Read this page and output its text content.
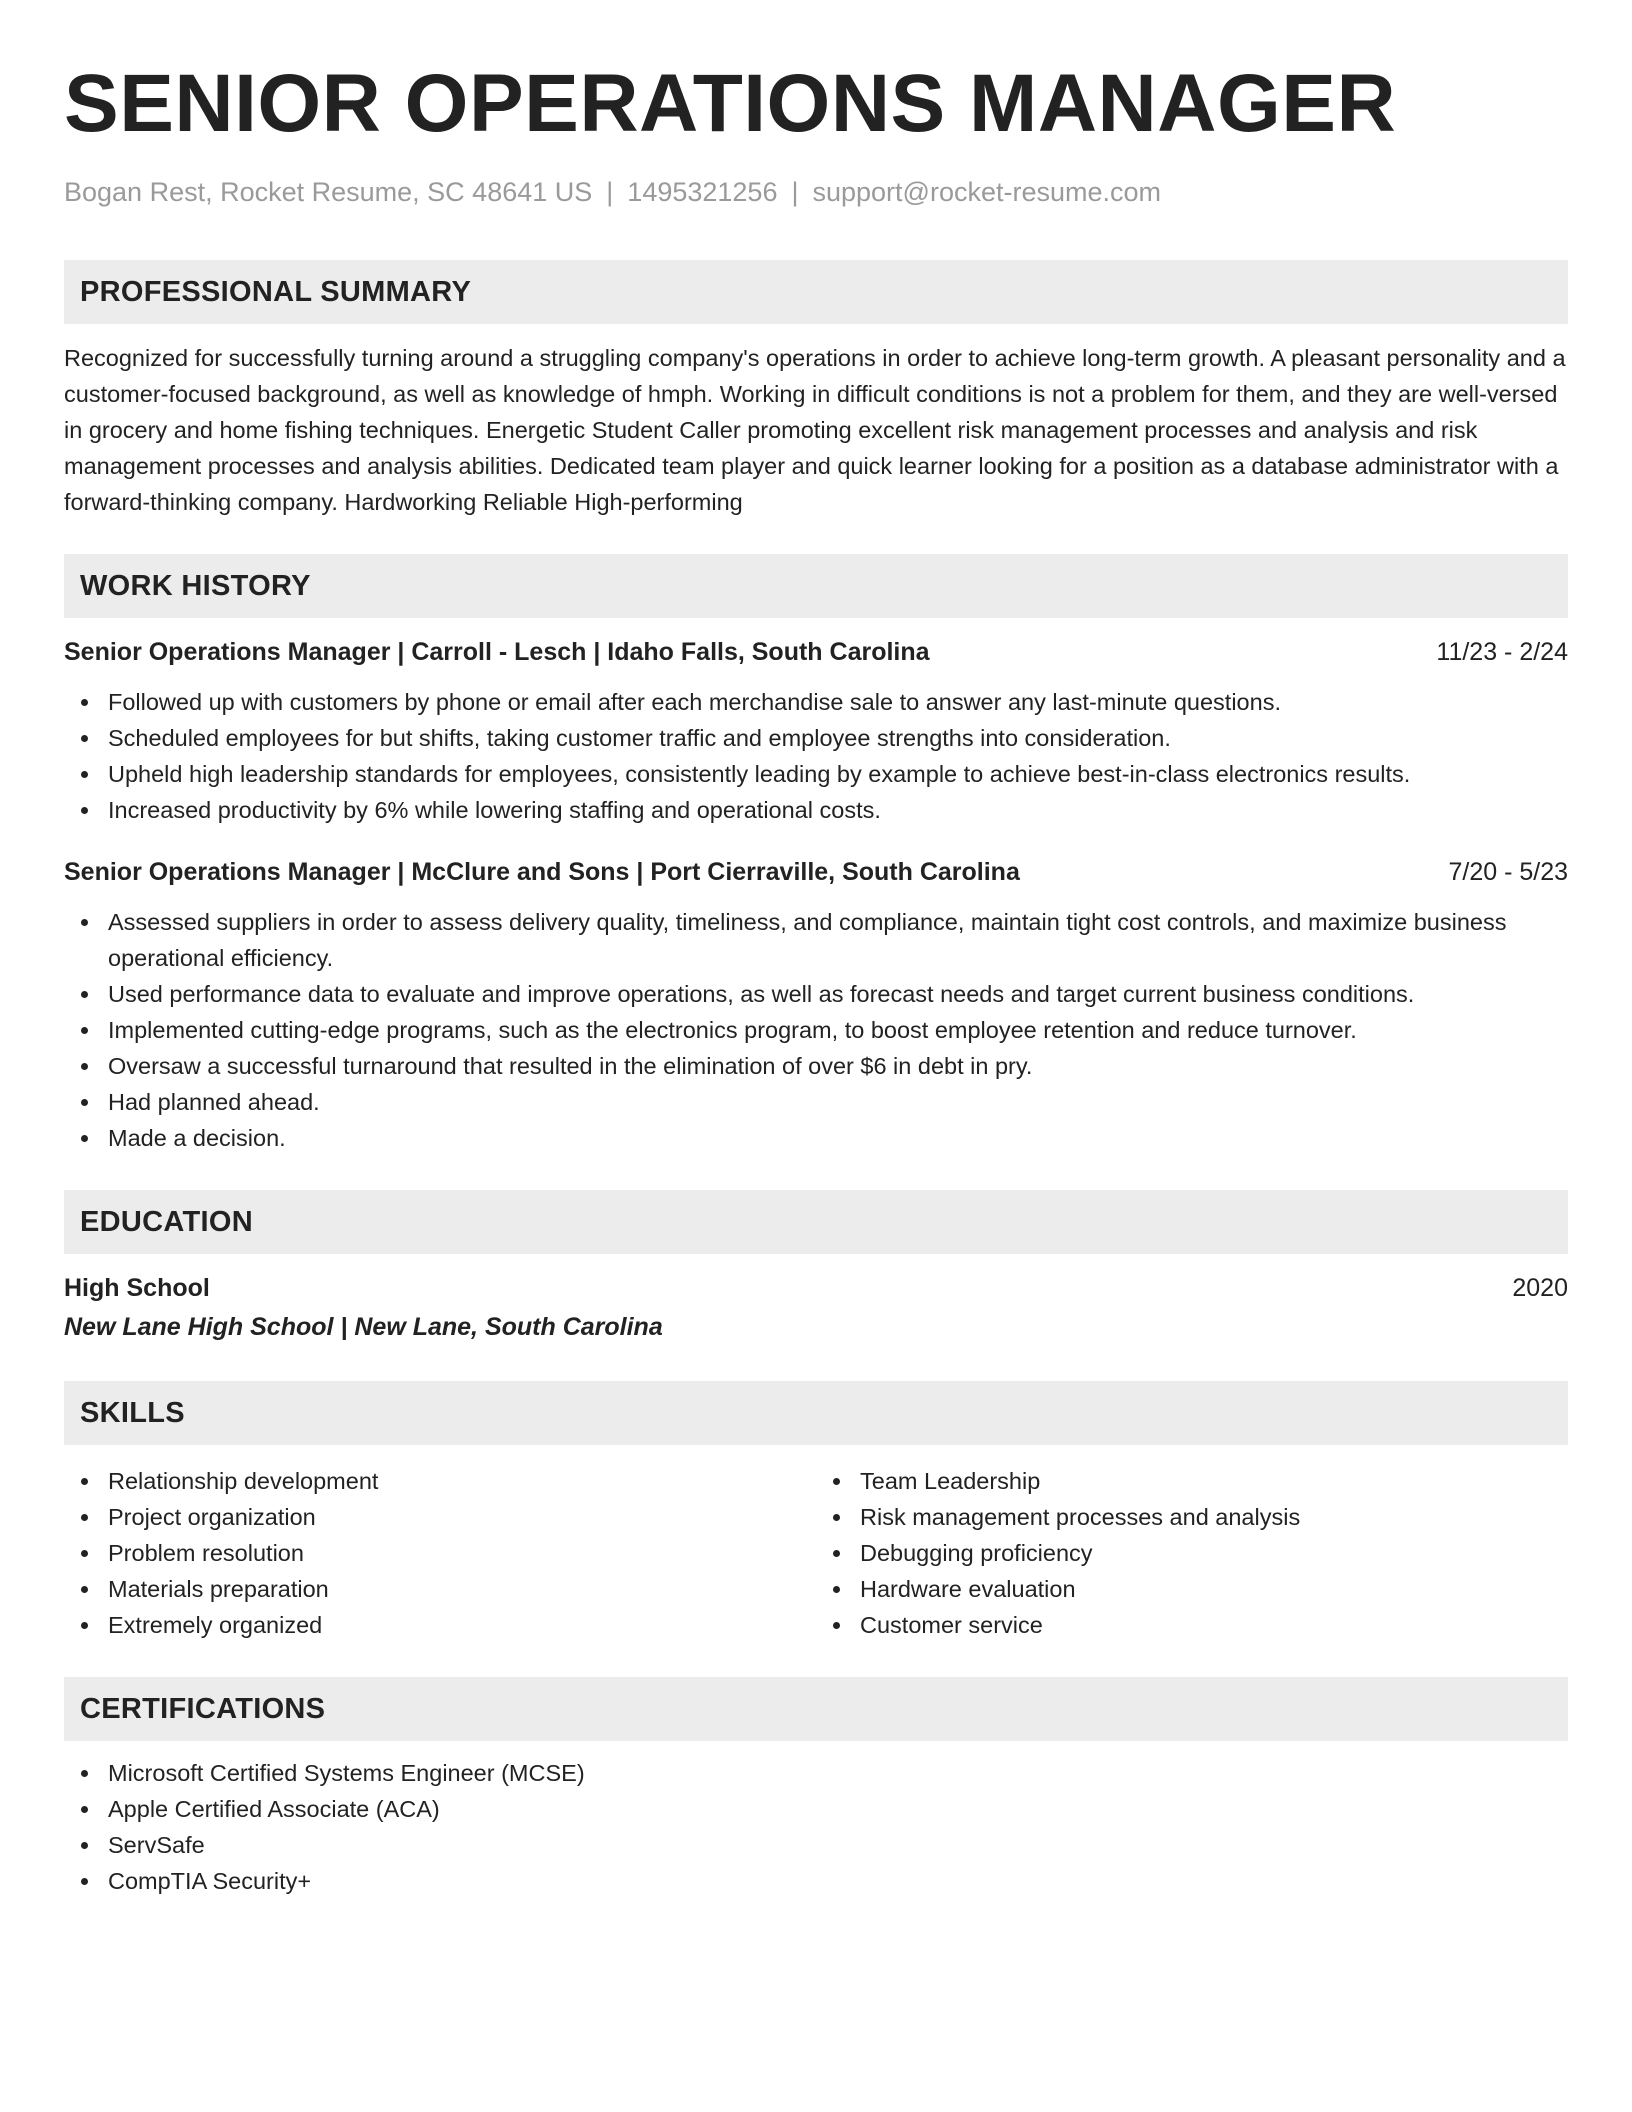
SENIOR OPERATIONS MANAGER
Bogan Rest, Rocket Resume, SC 48641 US | 1495321256 | support@rocket-resume.com
PROFESSIONAL SUMMARY
Recognized for successfully turning around a struggling company's operations in order to achieve long-term growth. A pleasant personality and a customer-focused background, as well as knowledge of hmph. Working in difficult conditions is not a problem for them, and they are well-versed in grocery and home fishing techniques. Energetic Student Caller promoting excellent risk management processes and analysis and risk management processes and analysis abilities. Dedicated team player and quick learner looking for a position as a database administrator with a forward-thinking company. Hardworking Reliable High-performing
WORK HISTORY
Senior Operations Manager | Carroll - Lesch | Idaho Falls, South Carolina	11/23 - 2/24
Followed up with customers by phone or email after each merchandise sale to answer any last-minute questions.
Scheduled employees for but shifts, taking customer traffic and employee strengths into consideration.
Upheld high leadership standards for employees, consistently leading by example to achieve best-in-class electronics results.
Increased productivity by 6% while lowering staffing and operational costs.
Senior Operations Manager | McClure and Sons | Port Cierraville, South Carolina	7/20 - 5/23
Assessed suppliers in order to assess delivery quality, timeliness, and compliance, maintain tight cost controls, and maximize business operational efficiency.
Used performance data to evaluate and improve operations, as well as forecast needs and target current business conditions.
Implemented cutting-edge programs, such as the electronics program, to boost employee retention and reduce turnover.
Oversaw a successful turnaround that resulted in the elimination of over $6 in debt in pry.
Had planned ahead.
Made a decision.
EDUCATION
High School	2020
New Lane High School | New Lane, South Carolina
SKILLS
Relationship development
Project organization
Problem resolution
Materials preparation
Extremely organized
Team Leadership
Risk management processes and analysis
Debugging proficiency
Hardware evaluation
Customer service
CERTIFICATIONS
Microsoft Certified Systems Engineer (MCSE)
Apple Certified Associate (ACA)
ServSafe
CompTIA Security+
